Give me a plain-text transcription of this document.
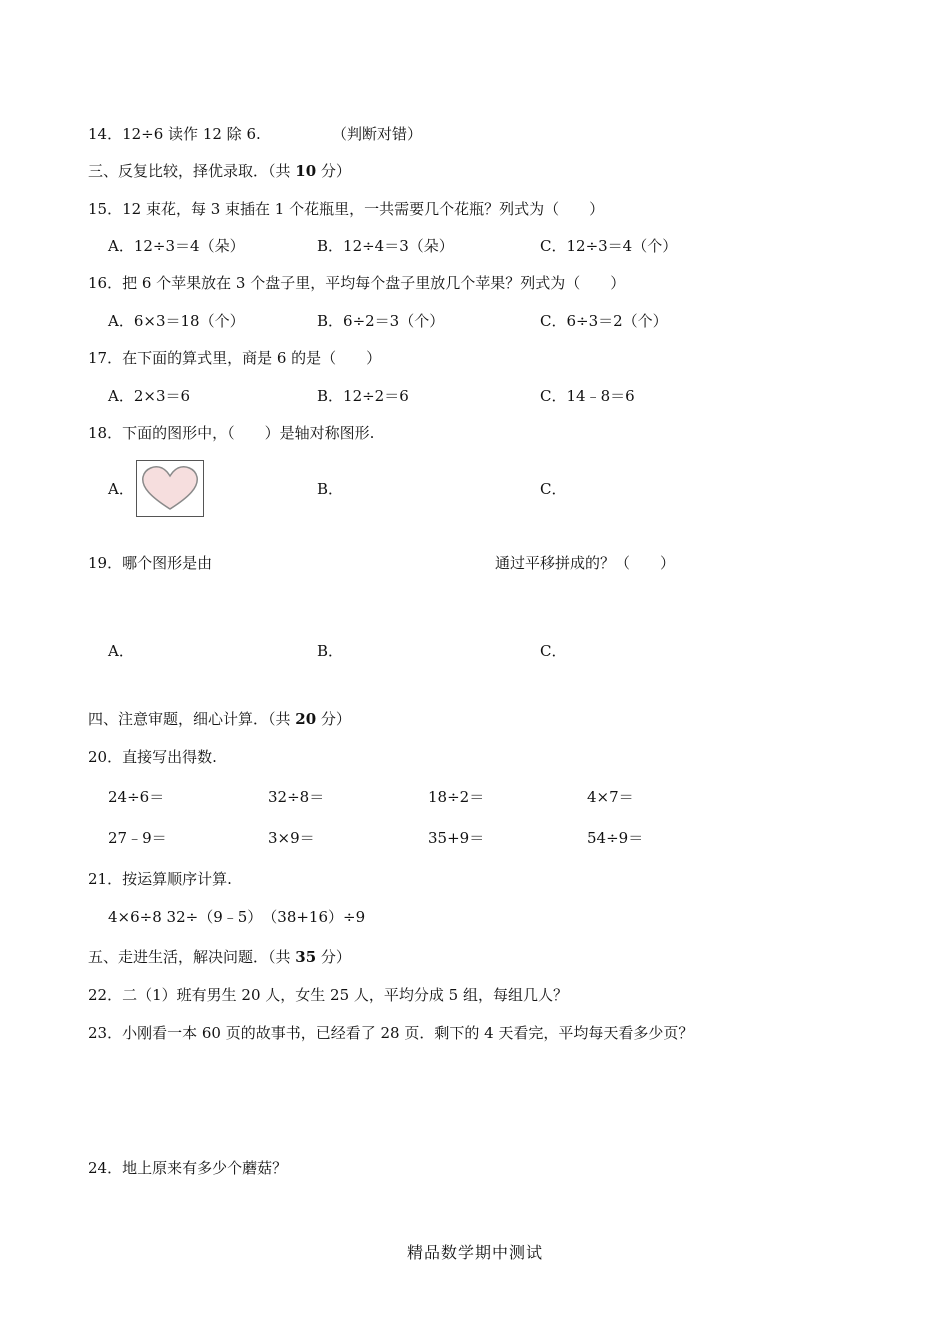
14．12÷6 读作 12 除 6.	（判断对错）
三、反复比较，择优录取．（共 10 分）
15．12 束花，每 3 束插在 1 个花瓶里，一共需要几个花瓶？列式为（　　）
A．12÷3＝4（朵）	B．12÷4＝3（朵）	C．12÷3＝4（个）
16．把 6 个苹果放在 3 个盘子里，平均每个盘子里放几个苹果？列式为（　　）
A．6×3＝18（个）	B．6÷2＝3（个）	C．6÷3＝2（个）
17．在下面的算式里，商是 6 的是（　　）
A．2×3＝6	B．12÷2＝6	C．14﹣8＝6
18．下面的图形中，（　　）是轴对称图形.
A．	B．	C．
19．哪个图形是由	通过平移拼成的？（　　）
A．	B．	C．
四、注意审题，细心计算．（共 20 分）
20．直接写出得数.
24÷6＝	32÷8＝	18÷2＝	4×7＝
27﹣9＝	3×9＝	35+9＝	54÷9＝
21．按运算顺序计算.
4×6÷8 32÷（9﹣5）　（38+16）÷9
五、走进生活，解决问题．（共 35 分）
22．二（1）班有男生 20 人，女生 25 人，平均分成 5 组，每组几人？
23．小刚看一本 60 页的故事书，已经看了 28 页．剩下的 4 天看完，平均每天看多少页？
24．地上原来有多少个蘑菇？
精品数学期中测试
